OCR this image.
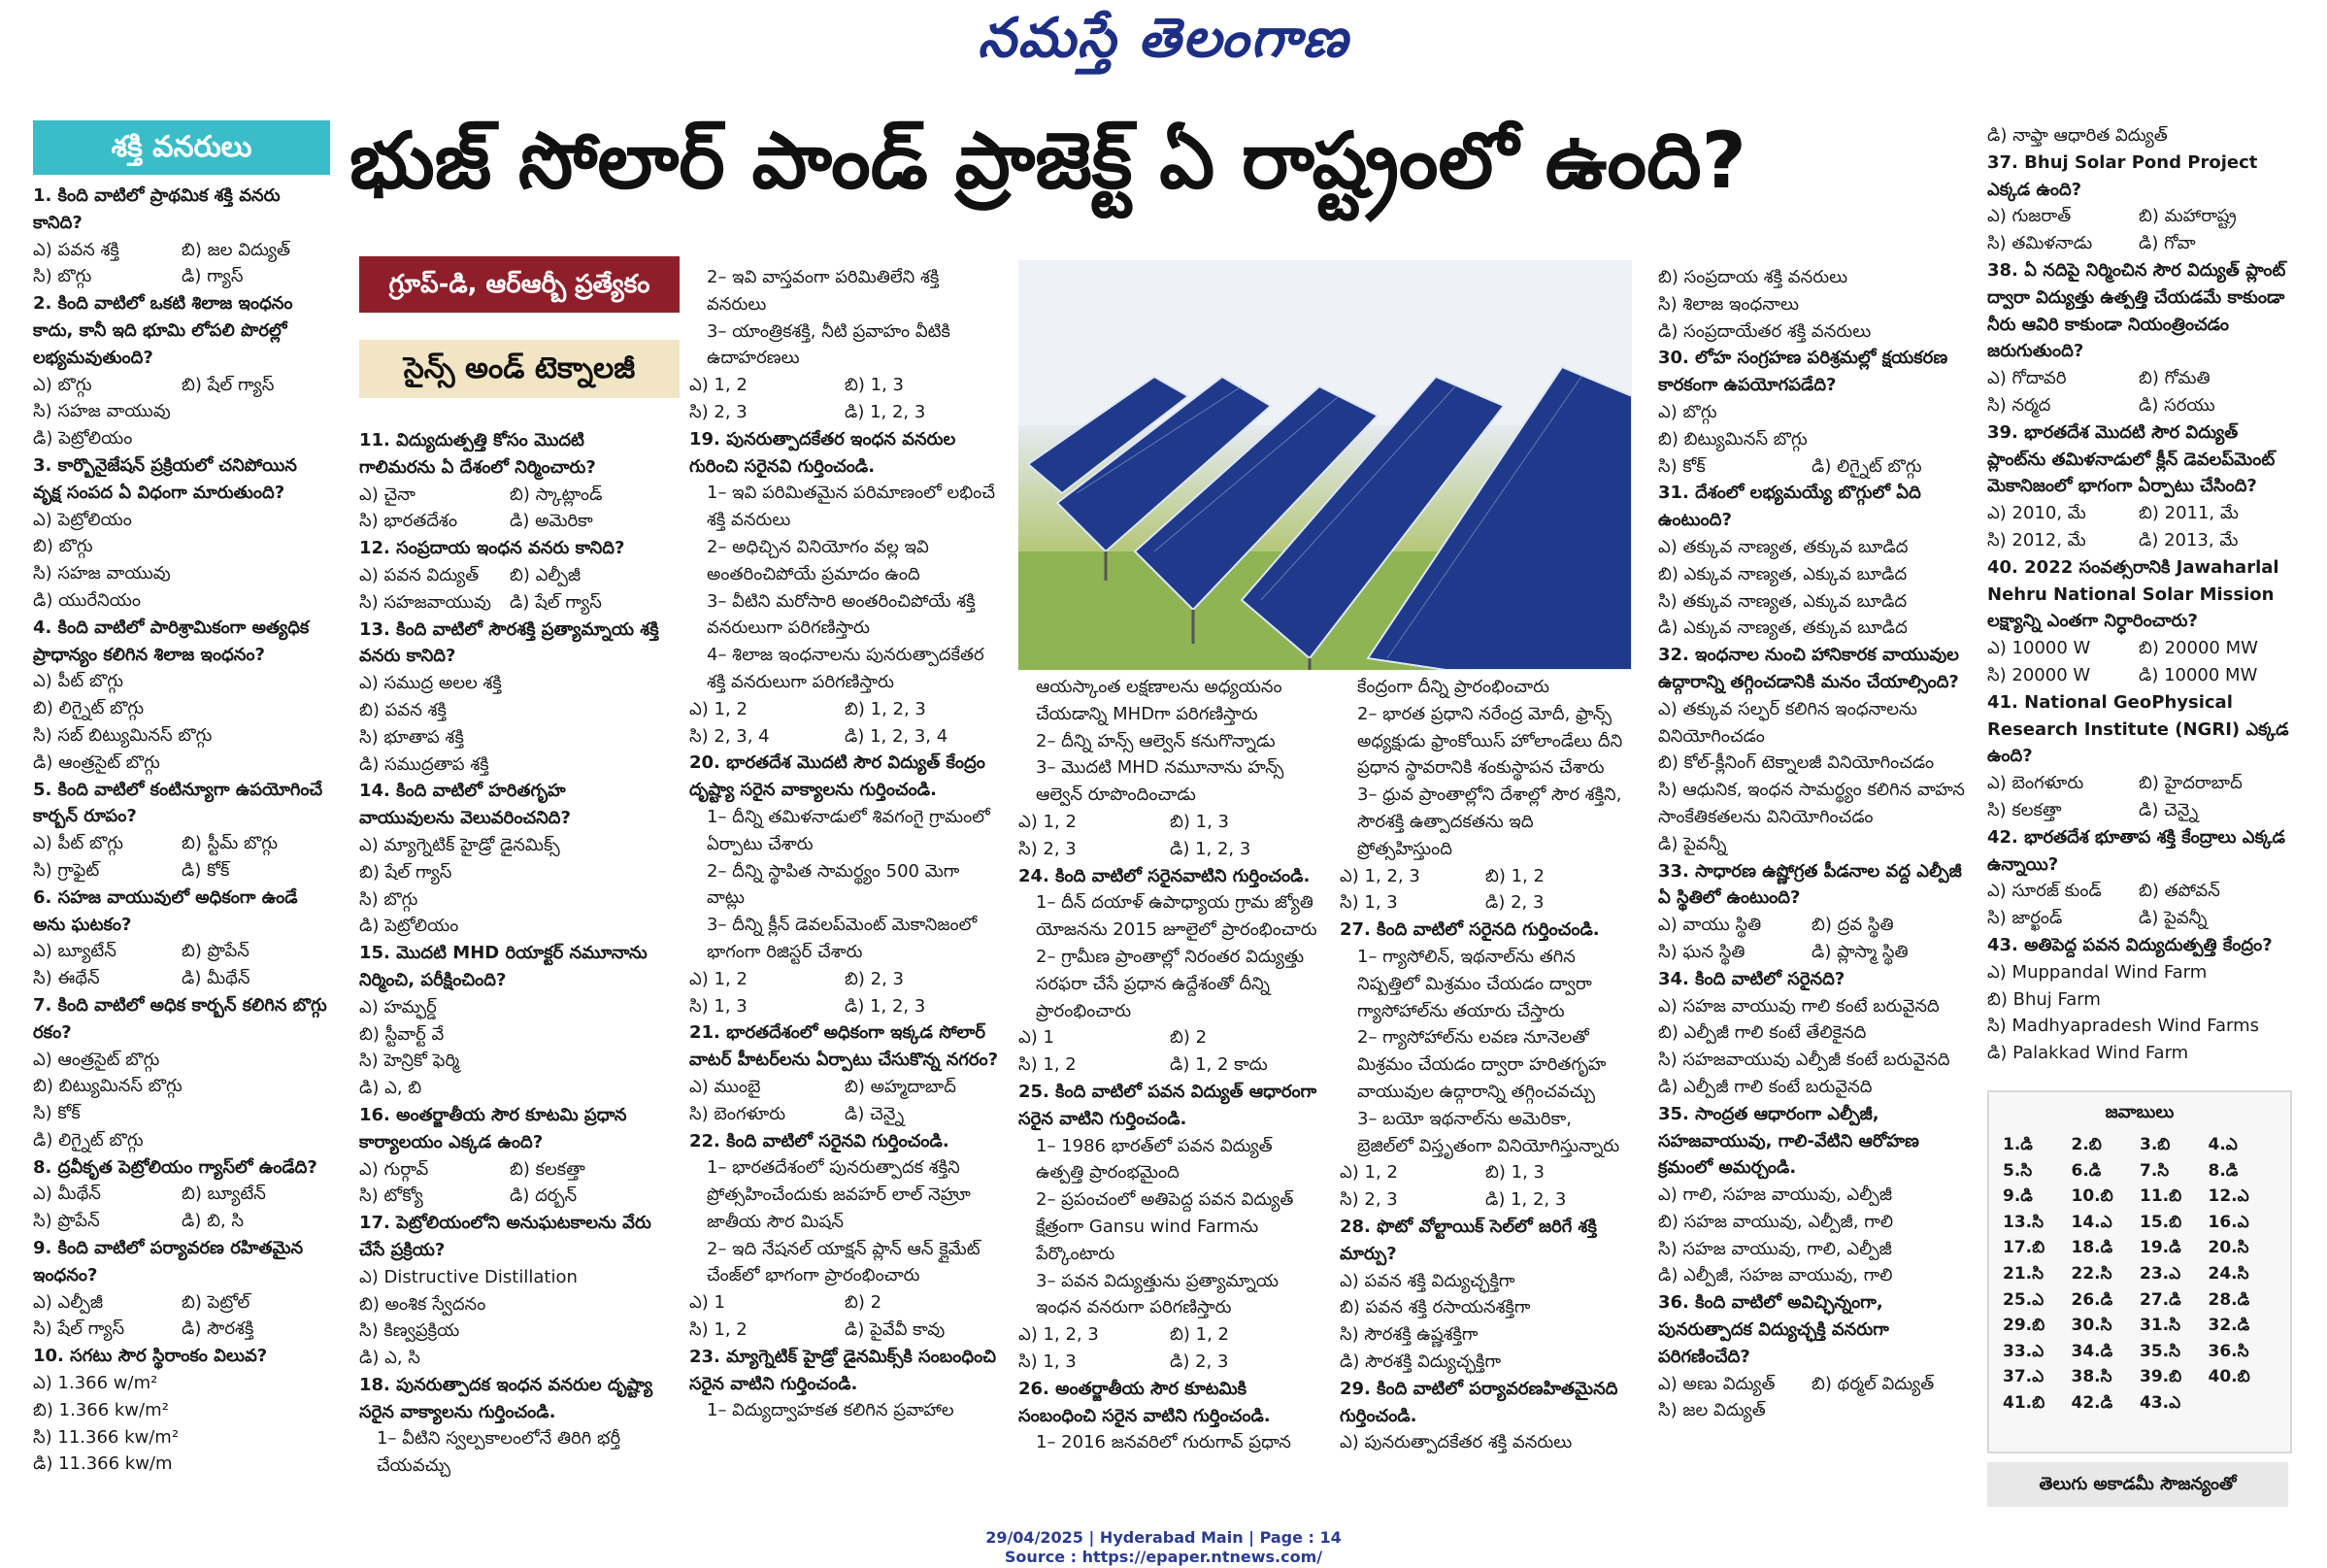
నమస్తే తెలంగాణ
శక్తి వనరులు	భుజ్ సోలార్ పాండ్ ప్రాజెక్ట్ ఏ రాష్ట్రంలో ఉంది?
గ్రూప్-డి, ఆర్ఆర్బీ ప్రత్యేకం
సైన్స్ అండ్ టెక్నాలజీ
1. కింది వాటిలో ప్రాథమిక శక్తి వనరు కానిది?
ఎ) పవన శక్తి	బి) జల విద్యుత్
సి) బొగ్గు	డి) గ్యాస్
2. కింది వాటిలో ఒకటి శిలాజ ఇంధనం కాదు, కానీ ఇది భూమి లోపలి పొరల్లో లభ్యమవుతుంది?
ఎ) బొగ్గు	బి) షేల్ గ్యాస్
సి) సహజ వాయువు
డి) పెట్రోలియం
3. కార్బొనైజేషన్ ప్రక్రియలో చనిపోయిన వృక్ష సంపద ఏ విధంగా మారుతుంది?
ఎ) పెట్రోలియం
బి) బొగ్గు
సి) సహజ వాయువు
డి) యురేనియం
4. కింది వాటిలో పారిశ్రామికంగా అత్యధిక ప్రాధాన్యం కలిగిన శిలాజ ఇంధనం?
ఎ) పీట్ బొగ్గు
బి) లిగ్నైట్ బొగ్గు
సి) సబ్ బిట్యుమినస్ బొగ్గు
డి) ఆంత్రసైట్ బొగ్గు
5. కింది వాటిలో కంటిన్యూగా ఉపయోగించే కార్బన్ రూపం?
ఎ) పీట్ బొగ్గు	బి) స్టీమ్ బొగ్గు
సి) గ్రాఫైట్	డి) కోక్
6. సహజ వాయువులో అధికంగా ఉండే అను ఘటకం?
ఎ) బ్యూటేన్	బి) ప్రొపేన్
సి) ఈథేన్	డి) మీథేన్
7. కింది వాటిలో అధిక కార్బన్ కలిగిన బొగ్గు రకం?
ఎ) ఆంత్రసైట్ బొగ్గు
బి) బిట్యుమినస్ బొగ్గు
సి) కోక్
డి) లిగ్నైట్ బొగ్గు
8. ద్రవీకృత పెట్రోలియం గ్యాస్‌లో ఉండేది?
ఎ) మీథేన్	బి) బ్యూటేన్
సి) ప్రొపేన్	డి) బి, సి
9. కింది వాటిలో పర్యావరణ రహితమైన ఇంధనం?
ఎ) ఎల్పీజీ	బి) పెట్రోల్
సి) షేల్ గ్యాస్	డి) సౌరశక్తి
10. సగటు సౌర స్థిరాంకం విలువ?
ఎ) 1.366 w/m²
బి) 1.366 kw/m²
సి) 11.366 kw/m²
డి) 11.366 kw/m
11. విద్యుదుత్పత్తి కోసం మొదటి గాలిమరను ఏ దేశంలో నిర్మించారు?
ఎ) చైనా	బి) స్కాట్లాండ్
సి) భారతదేశం	డి) అమెరికా
12. సంప్రదాయ ఇంధన వనరు కానిది?
ఎ) పవన విద్యుత్	బి) ఎల్పీజీ
సి) సహజవాయువు	డి) షేల్ గ్యాస్
13. కింది వాటిలో సౌరశక్తి ప్రత్యామ్నాయ శక్తి వనరు కానిది?
ఎ) సముద్ర అలల శక్తి
బి) పవన శక్తి
సి) భూతాప శక్తి
డి) సముద్రతాప శక్తి
14. కింది వాటిలో హరితగృహ వాయువులను వెలువరించనిది?
ఎ) మ్యాగ్నెటిక్ హైడ్రో డైనమిక్స్
బి) షేల్ గ్యాస్
సి) బొగ్గు
డి) పెట్రోలియం
15. మొదటి MHD రియాక్టర్ నమూనాను నిర్మించి, పరీక్షించింది?
ఎ) హమ్ఫర్డ్
బి) స్టీవార్ట్ వే
సి) హెన్రికో ఫెర్మి
డి) ఎ, బి
16. అంతర్జాతీయ సౌర కూటమి ప్రధాన కార్యాలయం ఎక్కడ ఉంది?
ఎ) గుర్గావ్	బి) కలకత్తా
సి) టోక్యో	డి) దర్బన్
17. పెట్రోలియంలోని అనుఘటకాలను వేరు చేసే ప్రక్రియ?
ఎ) Distructive Distillation
బి) అంశిక స్వేదనం
సి) కిణ్వప్రక్రియ
డి) ఎ, సి
18. పునరుత్పాదక ఇంధన వనరుల దృష్ట్యా సరైన వాక్యాలను గుర్తించండి.
1– వీటిని స్వల్పకాలంలోనే తిరిగి భర్తీ చేయవచ్చు
2– ఇవి వాస్తవంగా పరిమితిలేని శక్తి వనరులు
3– యాంత్రికశక్తి, నీటి ప్రవాహం వీటికి ఉదాహరణలు
ఎ) 1, 2	బి) 1, 3
సి) 2, 3	డి) 1, 2, 3
19. పునరుత్పాదకేతర ఇంధన వనరుల గురించి సరైనవి గుర్తించండి.
1– ఇవి పరిమితమైన పరిమాణంలో లభించే శక్తి వనరులు
2– అధిచ్చిన వినియోగం వల్ల ఇవి అంతరించిపోయే ప్రమాదం ఉంది
3– వీటిని మరోసారి అంతరించిపోయే శక్తి వనరులుగా పరిగణిస్తారు
4– శిలాజ ఇంధనాలను పునరుత్పాదకేతర శక్తి వనరులుగా పరిగణిస్తారు
ఎ) 1, 2	బి) 1, 2, 3
సి) 2, 3, 4	డి) 1, 2, 3, 4
20. భారతదేశ మొదటి సౌర విద్యుత్ కేంద్రం దృష్ట్యా సరైన వాక్యాలను గుర్తించండి.
1– దీన్ని తమిళనాడులో శివగంగై గ్రామంలో ఏర్పాటు చేశారు
2– దీన్ని స్థాపిత సామర్థ్యం 500 మెగా వాట్లు
3– దీన్ని క్లీన్ డెవలప్‌మెంట్ మెకానిజంలో భాగంగా రిజిస్టర్ చేశారు
ఎ) 1, 2	బి) 2, 3
సి) 1, 3	డి) 1, 2, 3
21. భారతదేశంలో అధికంగా ఇక్కడ సోలార్ వాటర్ హీటర్‌లను ఏర్పాటు చేసుకొన్న నగరం?
ఎ) ముంబై	బి) అహ్మదాబాద్
సి) బెంగళూరు	డి) చెన్నై
22. కింది వాటిలో సరైనవి గుర్తించండి.
1– భారతదేశంలో పునరుత్పాదక శక్తిని ప్రోత్సహించేందుకు జవహర్ లాల్ నెహ్రూ జాతీయ సౌర మిషన్
2– ఇది నేషనల్ యాక్షన్ ప్లాన్ ఆన్ క్లైమేట్ చేంజ్‌లో భాగంగా ప్రారంభించారు
ఎ) 1	బి) 2
సి) 1, 2	డి) పైవేవీ కావు
23. మ్యాగ్నెటిక్ హైడ్రో డైనమిక్స్‌కి సంబంధించి సరైన వాటిని గుర్తించండి.
1– విద్యుద్వాహకత కలిగిన ప్రవాహాల
ఆయస్కాంత లక్షణాలను అధ్యయనం చేయడాన్ని MHDగా పరిగణిస్తారు
2– దీన్ని హన్స్ ఆల్వెన్ కనుగొన్నాడు
3– మొదటి MHD నమూనాను హన్స్ ఆల్వెన్ రూపొందించాడు
ఎ) 1, 2	బి) 1, 3
సి) 2, 3	డి) 1, 2, 3
24. కింది వాటిలో సరైనవాటిని గుర్తించండి.
1– దీన్ దయాళ్ ఉపాధ్యాయ గ్రామ జ్యోతి యోజనను 2015 జూలైలో ప్రారంభించారు
2– గ్రామీణ ప్రాంతాల్లో నిరంతర విద్యుత్తు సరఫరా చేసే ప్రధాన ఉద్దేశంతో దీన్ని ప్రారంభించారు
ఎ) 1	బి) 2
సి) 1, 2	డి) 1, 2 కాదు
25. కింది వాటిలో పవన విద్యుత్ ఆధారంగా సరైన వాటిని గుర్తించండి.
1– 1986 భారత్‌లో పవన విద్యుత్ ఉత్పత్తి ప్రారంభమైంది
2– ప్రపంచంలో అతిపెద్ద పవన విద్యుత్ క్షేత్రంగా Gansu wind Farmను పేర్కొంటారు
3– పవన విద్యుత్తును ప్రత్యామ్నాయ ఇంధన వనరుగా పరిగణిస్తారు
ఎ) 1, 2, 3	బి) 1, 2
సి) 1, 3	డి) 2, 3
26. అంతర్జాతీయ సౌర కూటమికి సంబంధించి సరైన వాటిని గుర్తించండి.
1– 2016 జనవరిలో గురుగావ్ ప్రధాన
కేంద్రంగా దీన్ని ప్రారంభించారు
2– భారత ప్రధాని నరేంద్ర మోదీ, ఫ్రాన్స్ అధ్యక్షుడు ఫ్రాంకోయిస్ హోలాండేలు దీని ప్రధాన స్థావరానికి శంకుస్థాపన చేశారు
3– ధ్రువ ప్రాంతాల్లోని దేశాల్లో సౌర శక్తిని, సౌరశక్తి ఉత్పాదకతను ఇది ప్రోత్సహిస్తుంది
ఎ) 1, 2, 3	బి) 1, 2
సి) 1, 3	డి) 2, 3
27. కింది వాటిలో సరైనది గుర్తించండి.
1– గ్యాసోలిన్, ఇథనాల్‌ను తగిన నిష్పత్తిలో మిశ్రమం చేయడం ద్వారా గ్యాసోహాల్‌ను తయారు చేస్తారు
2– గ్యాసోహాల్‌ను లవణ నూనెలతో మిశ్రమం చేయడం ద్వారా హరితగృహ వాయువుల ఉద్గారాన్ని తగ్గించవచ్చు
3– బయో ఇథనాల్‌ను అమెరికా, బ్రెజిల్‌లో విస్తృతంగా వినియోగిస్తున్నారు
ఎ) 1, 2	బి) 1, 3
సి) 2, 3	డి) 1, 2, 3
28. ఫొటో వోల్టాయిక్ సెల్‌లో జరిగే శక్తి మార్పు?
ఎ) పవన శక్తి విద్యుచ్ఛక్తిగా
బి) పవన శక్తి రసాయనశక్తిగా
సి) సౌరశక్తి ఉష్ణశక్తిగా
డి) సౌరశక్తి విద్యుచ్ఛక్తిగా
29. కింది వాటిలో పర్యావరణహితమైనది గుర్తించండి.
ఎ) పునరుత్పాదకేతర శక్తి వనరులు
బి) సంప్రదాయ శక్తి వనరులు
సి) శిలాజ ఇంధనాలు
డి) సంప్రదాయేతర శక్తి వనరులు
30. లోహ సంగ్రహణ పరిశ్రమల్లో క్షయకరణ కారకంగా ఉపయోగపడేది?
ఎ) బొగ్గు
బి) బిట్యుమినస్ బొగ్గు
సి) కోక్	డి) లిగ్నైట్ బొగ్గు
31. దేశంలో లభ్యమయ్యే బొగ్గులో ఏది ఉంటుంది?
ఎ) తక్కువ నాణ్యత, తక్కువ బూడిద
బి) ఎక్కువ నాణ్యత, ఎక్కువ బూడిద
సి) తక్కువ నాణ్యత, ఎక్కువ బూడిద
డి) ఎక్కువ నాణ్యత, తక్కువ బూడిద
32. ఇంధనాల నుంచి హానికారక వాయువుల ఉద్గారాన్ని తగ్గించడానికి మనం చేయాల్సింది?
ఎ) తక్కువ సల్ఫర్ కలిగిన ఇంధనాలను వినియోగించడం
బి) కోల్-క్లీనింగ్ టెక్నాలజీ వినియోగించడం
సి) ఆధునిక, ఇంధన సామర్థ్యం కలిగిన వాహన సాంకేతికతలను వినియోగించడం
డి) పైవన్నీ
33. సాధారణ ఉష్ణోగ్రత పీడనాల వద్ద ఎల్పీజీ ఏ స్థితిలో ఉంటుంది?
ఎ) వాయు స్థితి	బి) ద్రవ స్థితి
సి) ఘన స్థితి	డి) ప్లాస్మా స్థితి
34. కింది వాటిలో సరైనది?
ఎ) సహజ వాయువు గాలి కంటే బరువైనది
బి) ఎల్పీజీ గాలి కంటే తేలికైనది
సి) సహజవాయువు ఎల్పీజీ కంటే బరువైనది
డి) ఎల్పీజీ గాలి కంటే బరువైనది
35. సాంద్రత ఆధారంగా ఎల్పీజీ, సహజవాయువు, గాలి-వేటిని ఆరోహణ క్రమంలో అమర్చండి.
ఎ) గాలి, సహజ వాయువు, ఎల్పీజీ
బి) సహజ వాయువు, ఎల్పీజీ, గాలి
సి) సహజ వాయువు, గాలి, ఎల్పీజీ
డి) ఎల్పీజీ, సహజ వాయువు, గాలి
36. కింది వాటిలో అవిచ్ఛిన్నంగా, పునరుత్పాదక విద్యుచ్ఛక్తి వనరుగా పరిగణించేది?
ఎ) అణు విద్యుత్	బి) థర్మల్ విద్యుత్
సి) జల విద్యుత్
డి) నాఫ్తా ఆధారిత విద్యుత్
37. Bhuj Solar Pond Project ఎక్కడ ఉంది?
ఎ) గుజరాత్	బి) మహారాష్ట్ర
సి) తమిళనాడు	డి) గోవా
38. ఏ నదిపై నిర్మించిన సౌర విద్యుత్ ప్లాంట్ ద్వారా విద్యుత్తు ఉత్పత్తి చేయడమే కాకుండా నీరు ఆవిరి కాకుండా నియంత్రించడం జరుగుతుంది?
ఎ) గోదావరి	బి) గోమతి
సి) నర్మద	డి) సరయు
39. భారతదేశ మొదటి సౌర విద్యుత్ ప్లాంట్‌ను తమిళనాడులో క్లీన్ డెవలప్‌మెంట్ మెకానిజంలో భాగంగా ఏర్పాటు చేసింది?
ఎ) 2010, మే	బి) 2011, మే
సి) 2012, మే	డి) 2013, మే
40. 2022 సంవత్సరానికి Jawaharlal Nehru National Solar Mission లక్ష్యాన్ని ఎంతగా నిర్ధారించారు?
ఎ) 10000 W	బి) 20000 MW
సి) 20000 W	డి) 10000 MW
41. National GeoPhysical Research Institute (NGRI) ఎక్కడ ఉంది?
ఎ) బెంగళూరు	బి) హైదరాబాద్
సి) కలకత్తా	డి) చెన్నై
42. భారతదేశ భూతాప శక్తి కేంద్రాలు ఎక్కడ ఉన్నాయి?
ఎ) సూరజ్ కుండ్	బి) తపోవన్
సి) జార్ఖండ్	డి) పైవన్నీ
43. అతిపెద్ద పవన విద్యుదుత్పత్తి కేంద్రం?
ఎ) Muppandal Wind Farm
బి) Bhuj Farm
సి) Madhyapradesh Wind Farms
డి) Palakkad Wind Farm
జవాబులు
1.డి	2.బి	3.బి	4.ఎ
5.సి	6.డి	7.సి	8.డి
9.డి	10.బి	11.బి	12.ఎ
13.సి	14.ఎ	15.బి	16.ఎ
17.బి	18.డి	19.డి	20.సి
21.సి	22.సి	23.ఎ	24.సి
25.ఎ	26.డి	27.డి	28.డి
29.బి	30.సి	31.సి	32.డి
33.ఎ	34.డి	35.సి	36.సి
37.ఎ	38.సి	39.బి	40.బి
41.బి	42.డి	43.ఎ
తెలుగు అకాడమీ సౌజన్యంతో
29/04/2025 | Hyderabad Main | Page : 14
Source : https://epaper.ntnews.com/
